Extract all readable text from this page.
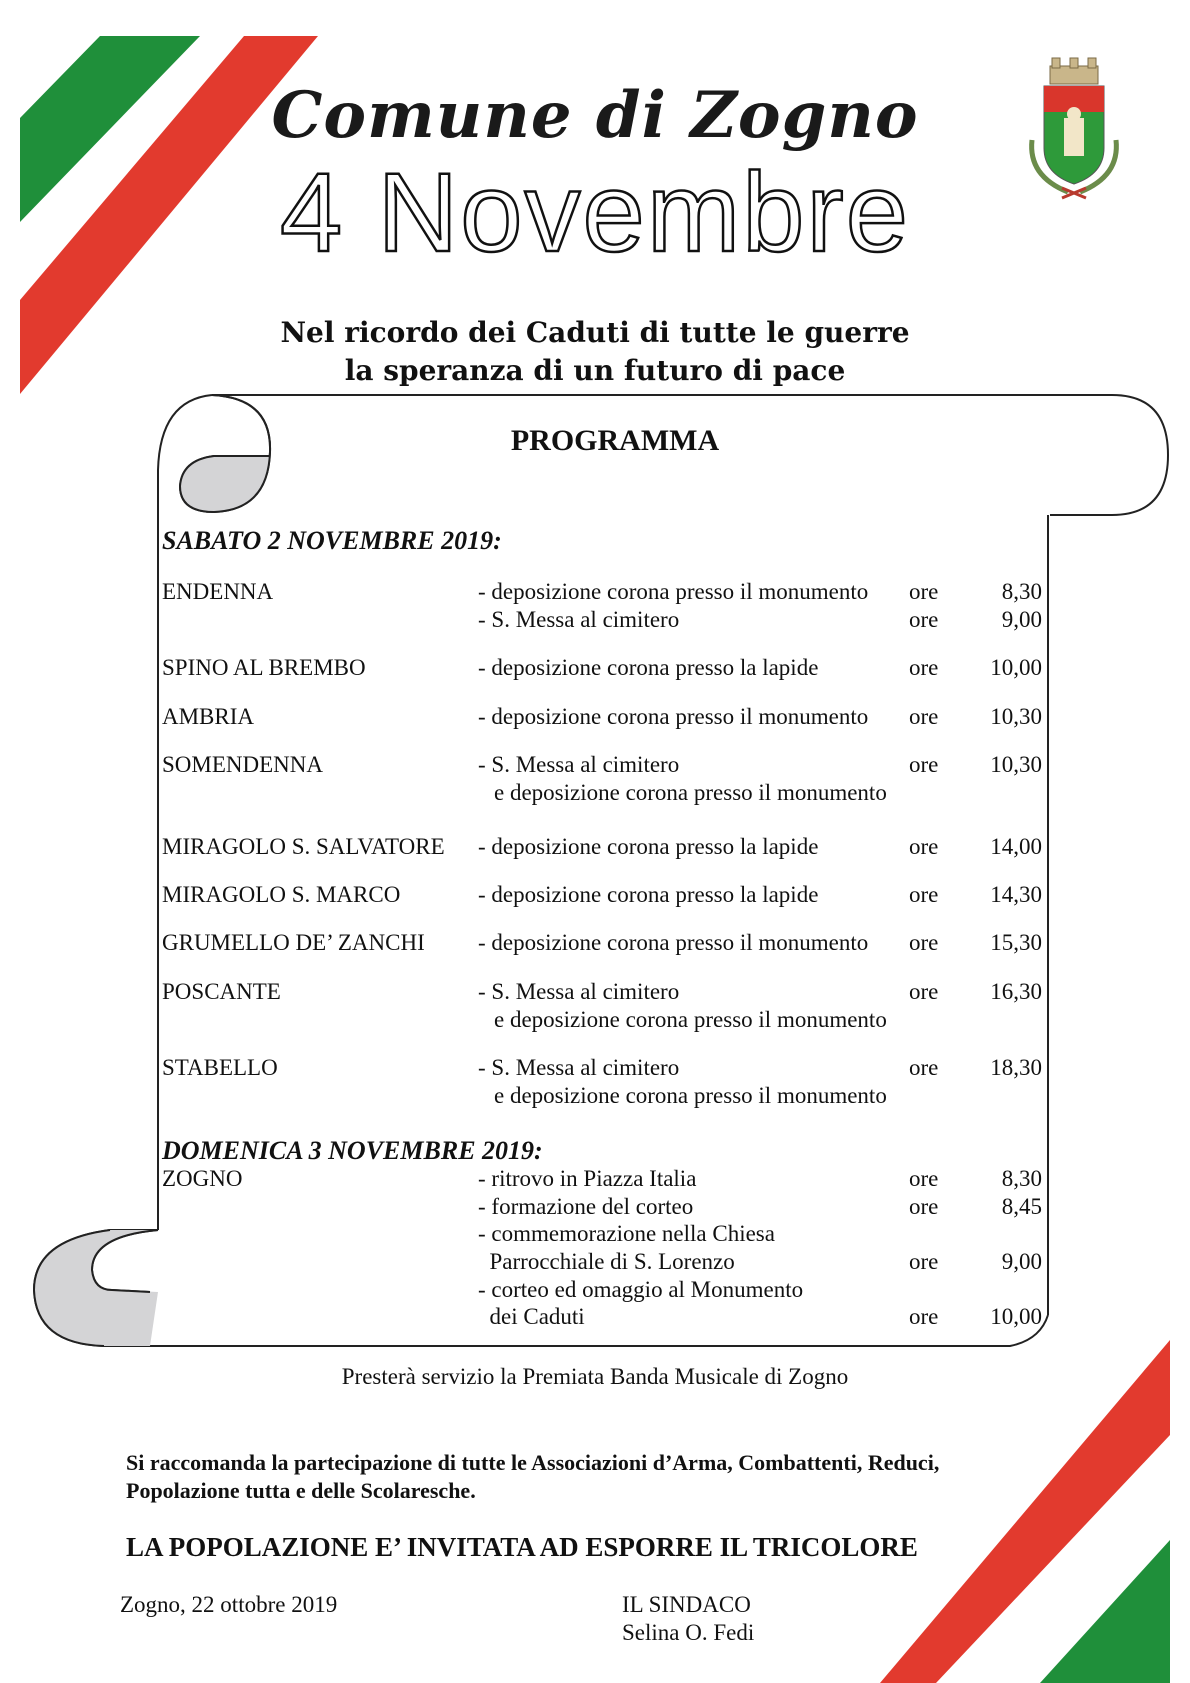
Comune di Zogno
4 Novembre
Nel ricordo dei Caduti di tutte le guerre
la speranza di un futuro di pace
PROGRAMMA
SABATO 2 NOVEMBRE 2019:
ENDENNA	- deposizione corona presso il monumento ore	8,30
- S. Messa al cimitero	ore	9,00
SPINO AL BREMBO	- deposizione corona presso la lapide	ore	10,00
AMBRIA	- deposizione corona presso il monumento ore	10,30
SOMENDENNA	- S. Messa al cimitero
e deposizione corona presso il monumento
ore	10,30
MIRAGOLO S. SALVATORE - deposizione corona presso la lapide	ore	14,00
MIRAGOLO S. MARCO	- deposizione corona presso la lapide	ore	14,30
GRUMELLO DE’ ZANCHI - deposizione corona presso il monumento ore	15,30
POSCANTE	- S. Messa al cimitero
e deposizione corona presso il monumento
ore	16,30
STABELLO	- S. Messa al cimitero
e deposizione corona presso il monumento
ore	18,30
DOMENICA 3 NOVEMBRE 2019:
ZOGNO	- ritrovo in Piazza Italia	ore	8,30
- formazione del corteo	ore	8,45
- commemorazione nella Chiesa
Parrocchiale di S. Lorenzo	ore	9,00
- corteo ed omaggio al Monumento
dei Caduti	ore	10,00
Presterà servizio la Premiata Banda Musicale di Zogno
Si raccomanda la partecipazione di tutte le Associazioni d’Arma, Combattenti, Reduci,
Popolazione tutta e delle Scolaresche.
LA POPOLAZIONE E’ INVITATA AD ESPORRE IL TRICOLORE
Zogno, 22 ottobre 2019	IL SINDACO
Selina O. Fedi
